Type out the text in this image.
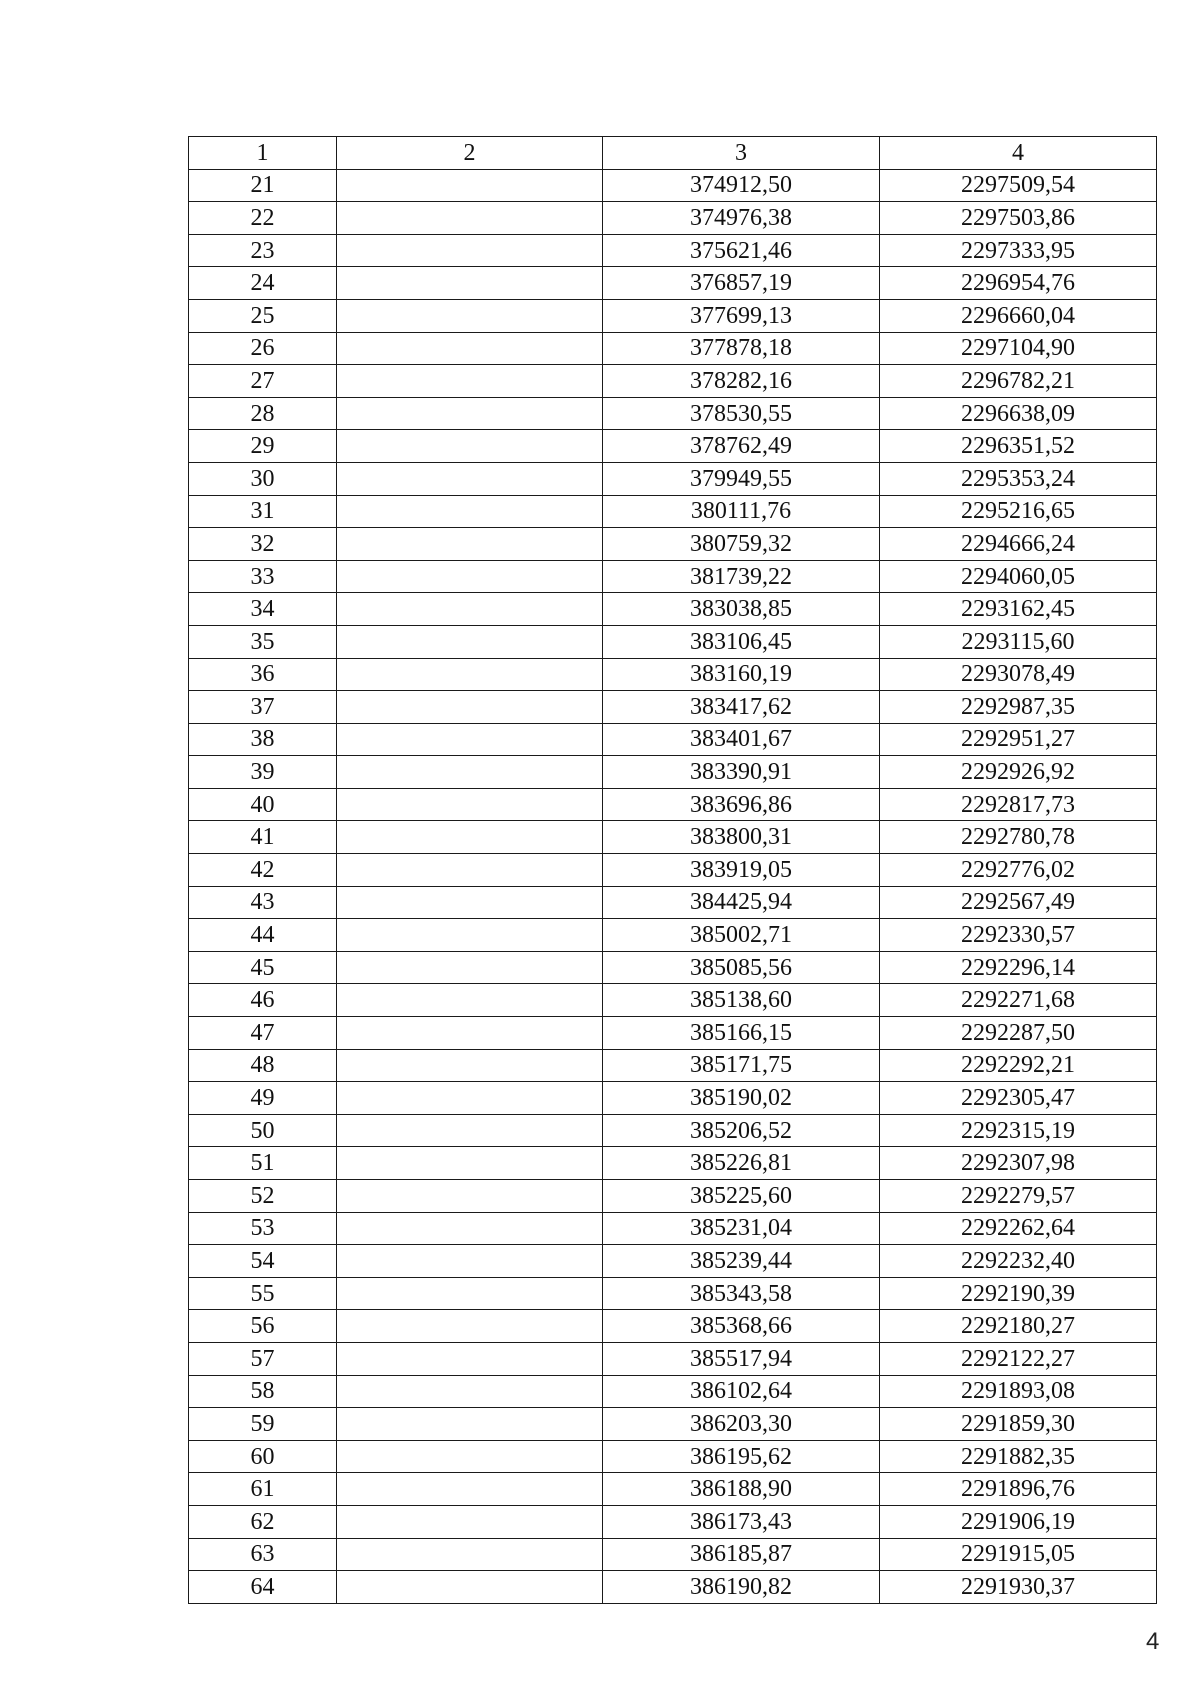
1	2	3	4
21		374912,50	2297509,54
22		374976,38	2297503,86
23		375621,46	2297333,95
24		376857,19	2296954,76
25		377699,13	2296660,04
26		377878,18	2297104,90
27		378282,16	2296782,21
28		378530,55	2296638,09
29		378762,49	2296351,52
30		379949,55	2295353,24
31		380111,76	2295216,65
32		380759,32	2294666,24
33		381739,22	2294060,05
34		383038,85	2293162,45
35		383106,45	2293115,60
36		383160,19	2293078,49
37		383417,62	2292987,35
38		383401,67	2292951,27
39		383390,91	2292926,92
40		383696,86	2292817,73
41		383800,31	2292780,78
42		383919,05	2292776,02
43		384425,94	2292567,49
44		385002,71	2292330,57
45		385085,56	2292296,14
46		385138,60	2292271,68
47		385166,15	2292287,50
48		385171,75	2292292,21
49		385190,02	2292305,47
50		385206,52	2292315,19
51		385226,81	2292307,98
52		385225,60	2292279,57
53		385231,04	2292262,64
54		385239,44	2292232,40
55		385343,58	2292190,39
56		385368,66	2292180,27
57		385517,94	2292122,27
58		386102,64	2291893,08
59		386203,30	2291859,30
60		386195,62	2291882,35
61		386188,90	2291896,76
62		386173,43	2291906,19
63		386185,87	2291915,05
64		386190,82	2291930,37
4
